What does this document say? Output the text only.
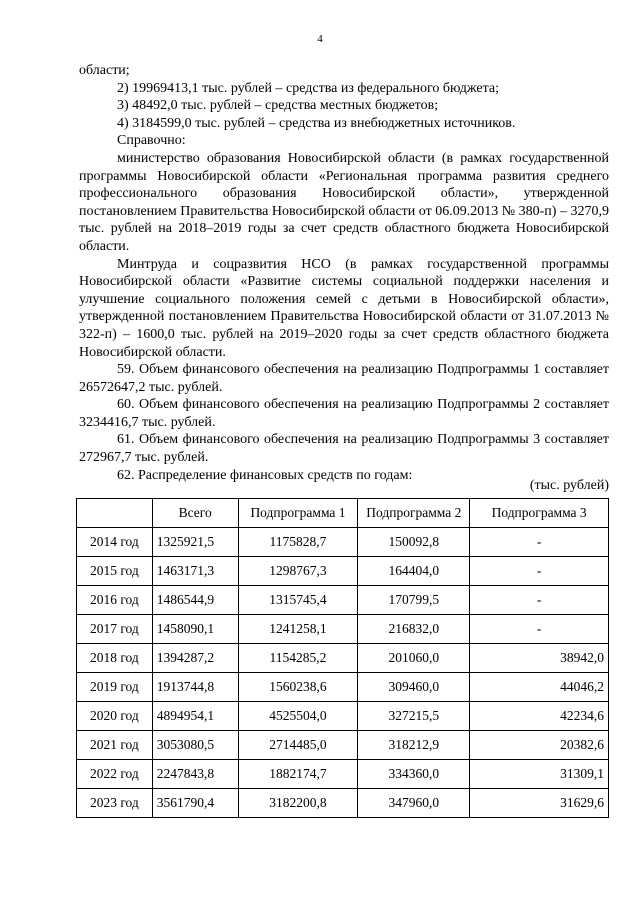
4

области;

2) 19969413,1 тыс. рублей – средства из федерального бюджета;

3) 48492,0 тыс. рублей – средства местных бюджетов;

4) 3184599,0 тыс. рублей – средства из внебюджетных источников.

Справочно:

министерство образования Новосибирской области (в рамках государственной программы Новосибирской области «Региональная программа развития среднего профессионального образования Новосибирской области», утвержденной постановлением Правительства Новосибирской области от 06.09.2013 № 380-п) – 3270,9 тыс. рублей на 2018–2019 годы за счет средств областного бюджета Новосибирской области.

Минтруда и соцразвития НСО (в рамках государственной программы Новосибирской области «Развитие системы социальной поддержки населения и улучшение социального положения семей с детьми в Новосибирской области», утвержденной постановлением Правительства Новосибирской области от 31.07.2013 № 322-п) – 1600,0 тыс. рублей на 2019–2020 годы за счет средств областного бюджета Новосибирской области.

59. Объем финансового обеспечения на реализацию Подпрограммы 1 составляет 26572647,2 тыс. рублей.

60. Объем финансового обеспечения на реализацию Подпрограммы 2 составляет 3234416,7 тыс. рублей.

61. Объем финансового обеспечения на реализацию Подпрограммы 3 составляет 272967,7 тыс. рублей.

62. Распределение финансовых средств по годам:

(тыс. рублей)
	Всего	Подпрограмма 1	Подпрограмма 2	Подпрограмма 3
2014 год	1325921,5	1175828,7	150092,8	-
2015 год	1463171,3	1298767,3	164404,0	-
2016 год	1486544,9	1315745,4	170799,5	-
2017 год	1458090,1	1241258,1	216832,0	-
2018 год	1394287,2	1154285,2	201060,0	38942,0
2019 год	1913744,8	1560238,6	309460,0	44046,2
2020 год	4894954,1	4525504,0	327215,5	42234,6
2021 год	3053080,5	2714485,0	318212,9	20382,6
2022 год	2247843,8	1882174,7	334360,0	31309,1
2023 год	3561790,4	3182200,8	347960,0	31629,6
